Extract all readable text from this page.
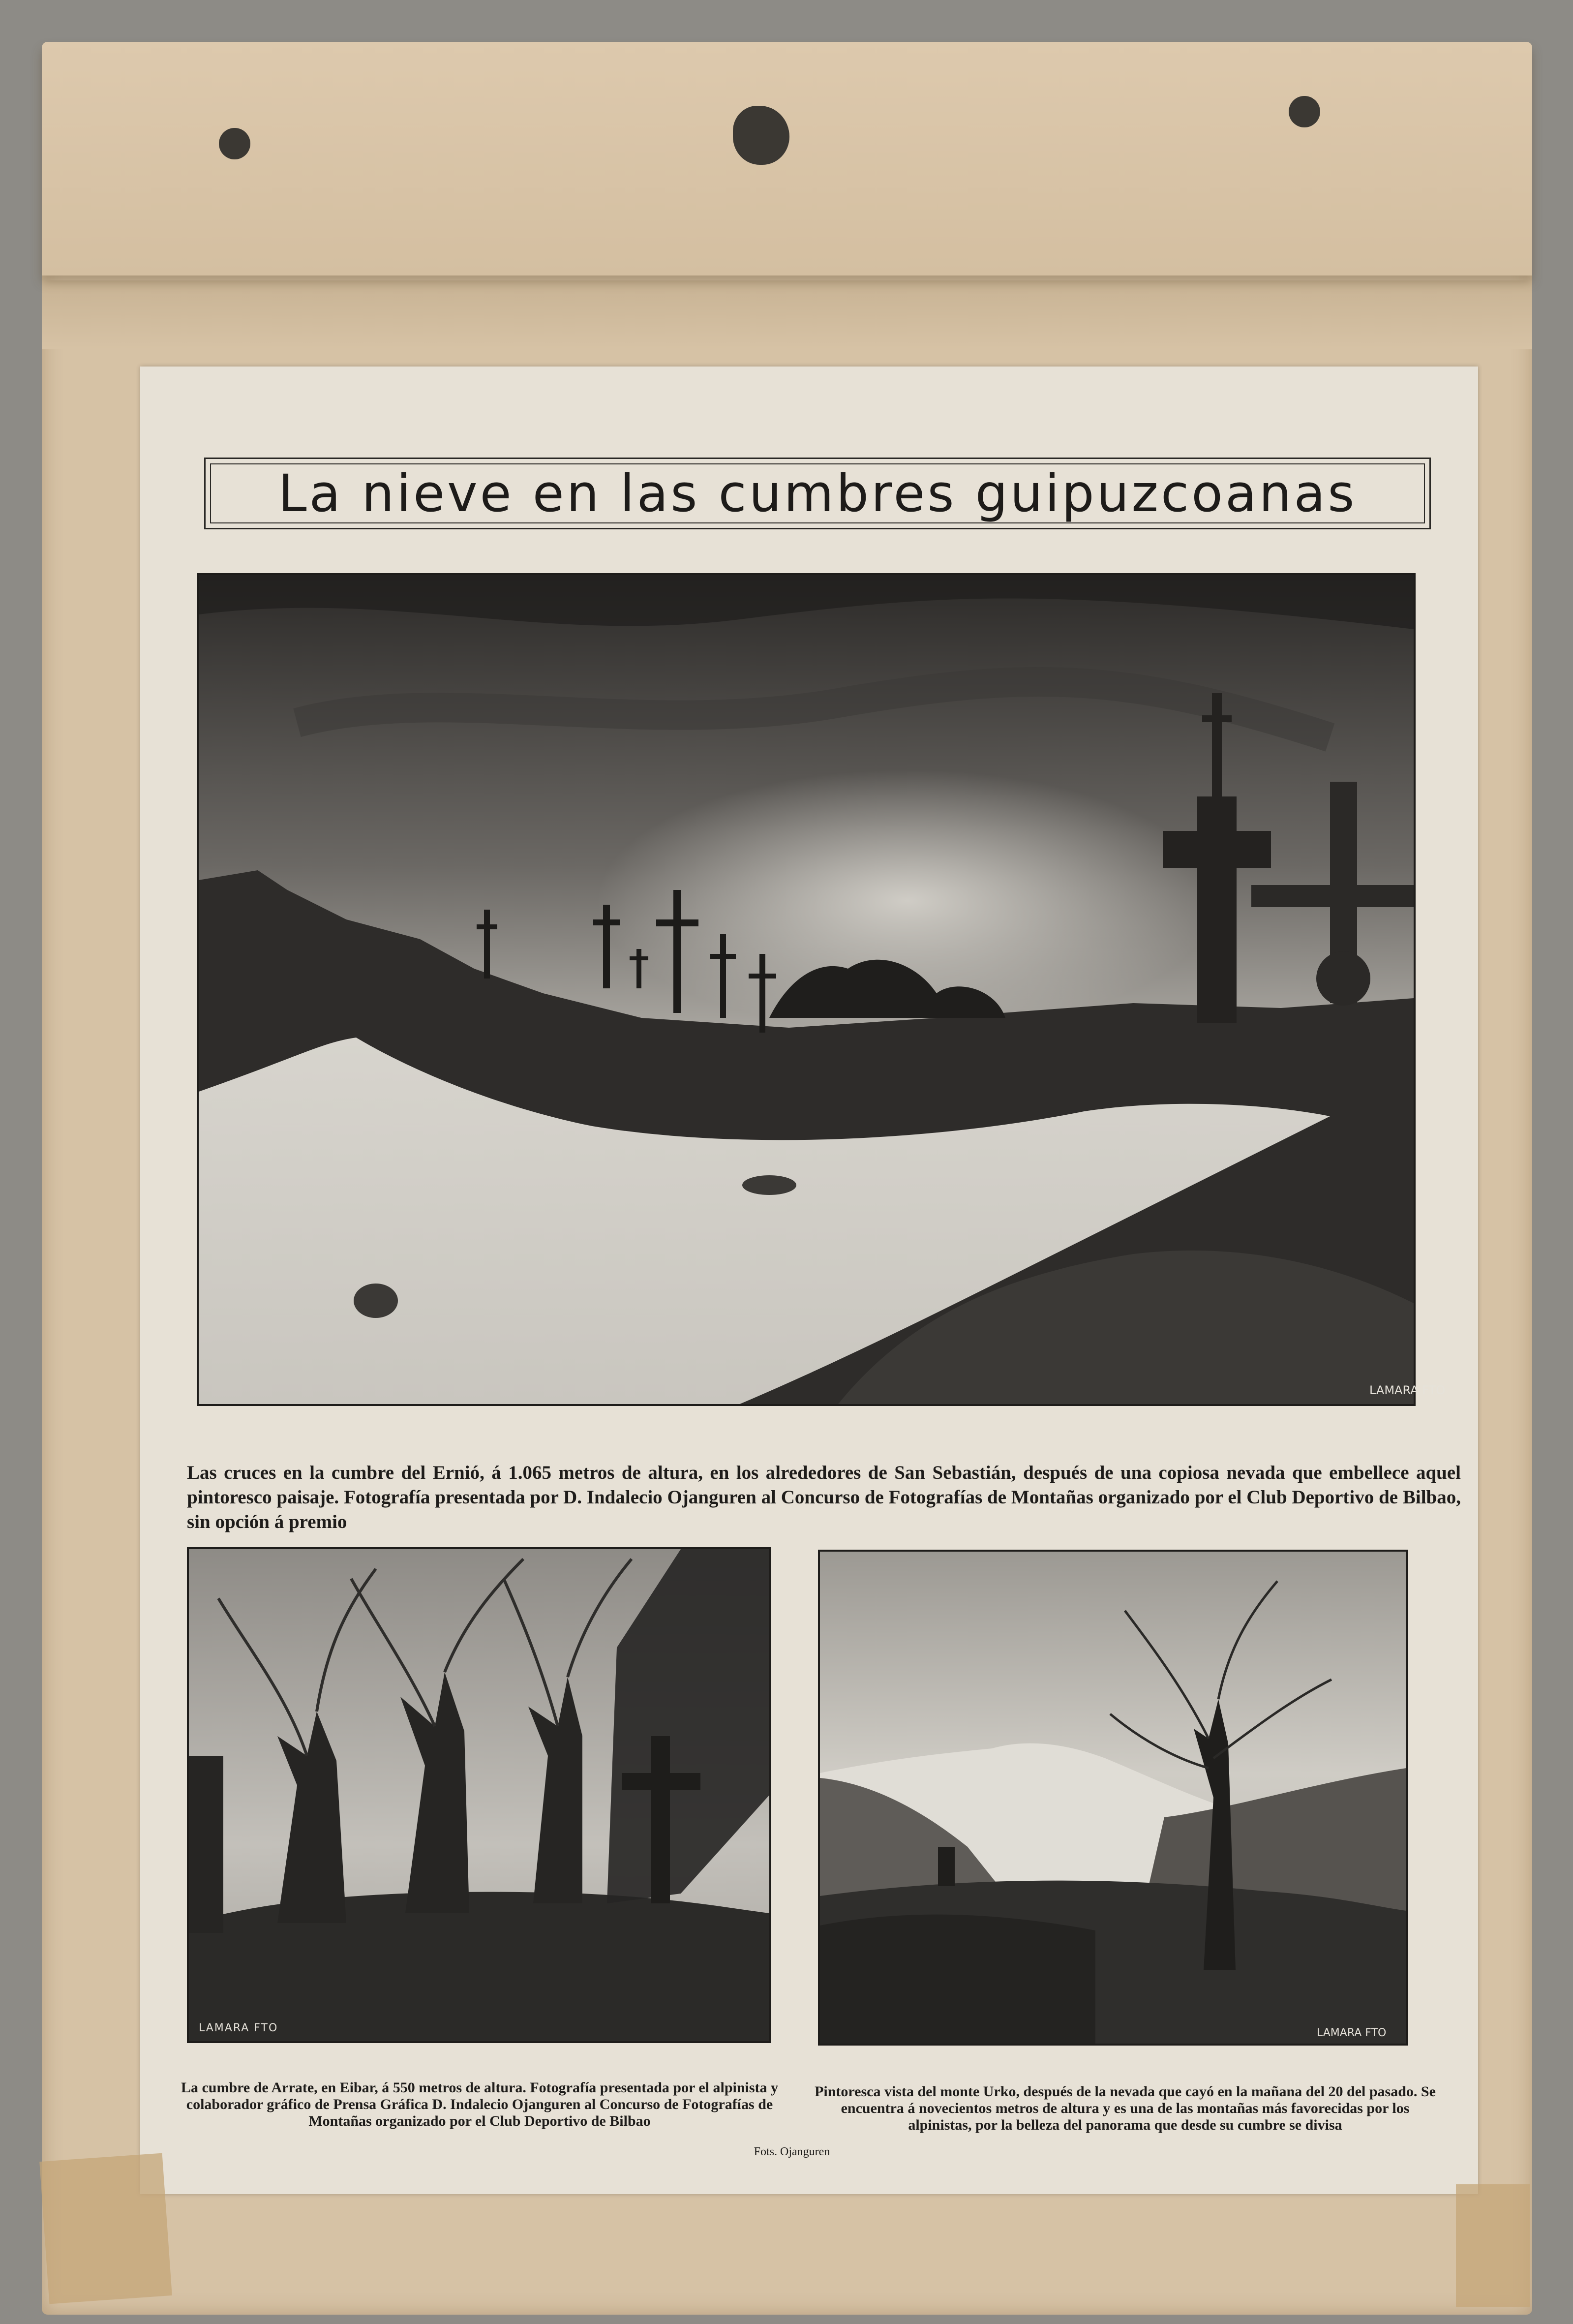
La nieve en las cumbres guipuzcoanas
LAMARA FTO

Las cruces en la cumbre del Ernió, á 1.065 metros de altura, en los alrededores de San Sebastián, después de una copiosa nevada que embellece aquel pintoresco paisaje. Fotografía presentada por D. Indalecio Ojanguren al Concurso de Fotografías de Montañas organizado por el Club Deportivo de Bilbao, sin opción á premio

LAMARA FTO	LAMARA FTO

La cumbre de Arrate, en Eibar, á 550 metros de altura. Fotografía presentada por el alpinista y colaborador gráfico de Prensa Gráfica D. Indalecio Ojanguren al Concurso de Fotografías de Montañas organizado por el Club Deportivo de Bilbao

Pintoresca vista del monte Urko, después de la nevada que cayó en la mañana del 20 del pasado. Se encuentra á novecientos metros de altura y es una de las montañas más favorecidas por los alpinistas, por la belleza del panorama que desde su cumbre se divisa

Fots. Ojanguren
